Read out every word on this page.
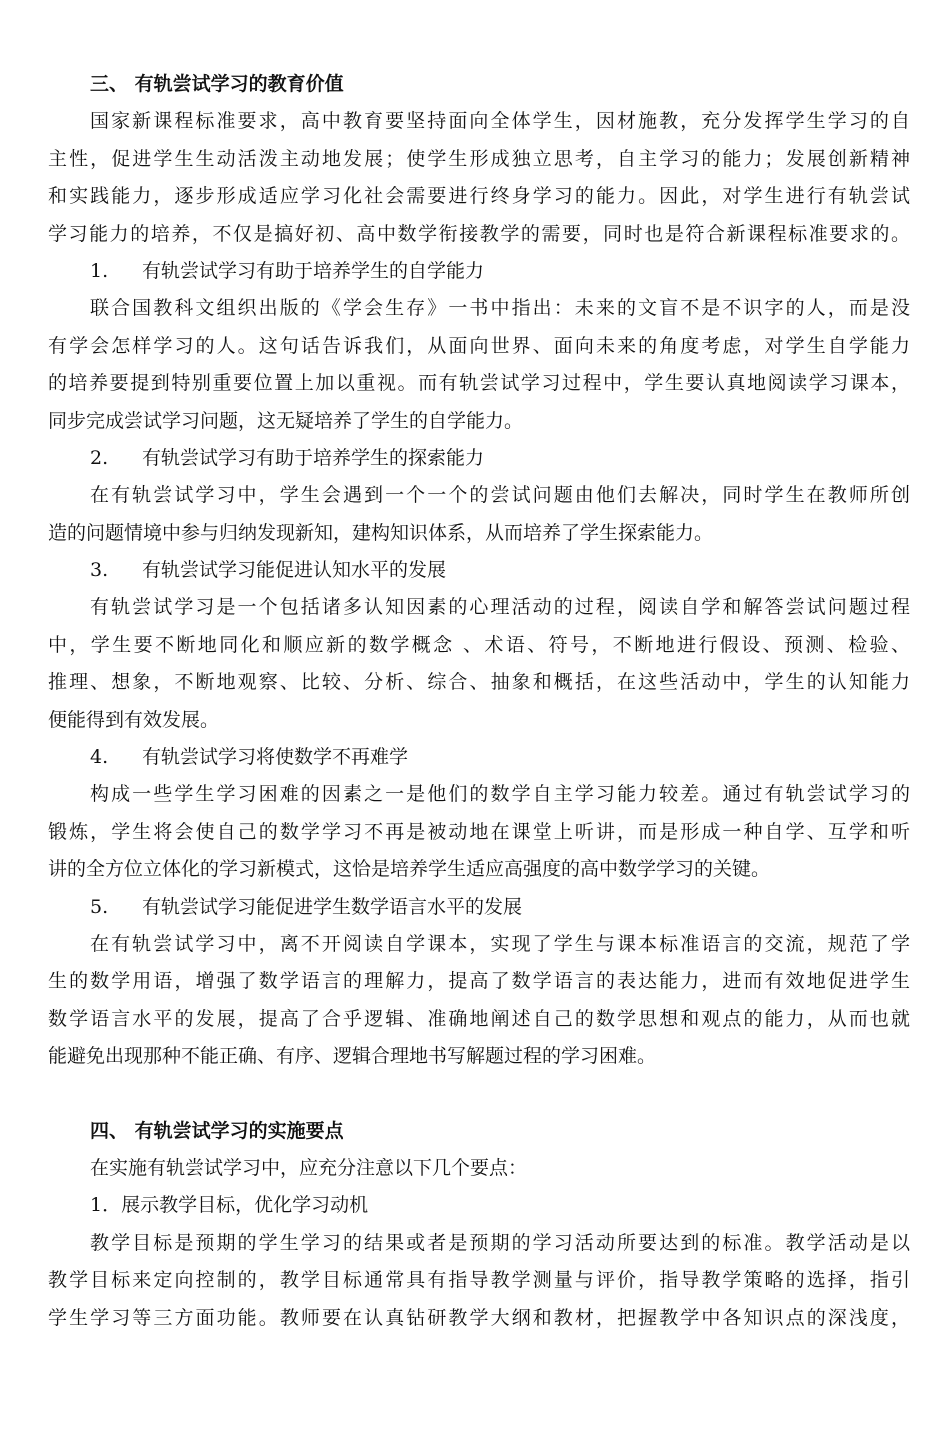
三、 有轨尝试学习的教育价值
国家新课程标准要求，高中教育要坚持面向全体学生，因材施教，充分发挥学生学习的自
主性，促进学生生动活泼主动地发展；使学生形成独立思考，自主学习的能力；发展创新精神
和实践能力，逐步形成适应学习化社会需要进行终身学习的能力。因此，对学生进行有轨尝试
学习能力的培养，不仅是搞好初、高中数学衔接教学的需要，同时也是符合新课程标准要求的。
1. 有轨尝试学习有助于培养学生的自学能力
联合国教科文组织出版的《学会生存》一书中指出：未来的文盲不是不识字的人，而是没
有学会怎样学习的人。这句话告诉我们，从面向世界、面向未来的角度考虑，对学生自学能力
的培养要提到特别重要位置上加以重视。而有轨尝试学习过程中，学生要认真地阅读学习课本，
同步完成尝试学习问题，这无疑培养了学生的自学能力。
2. 有轨尝试学习有助于培养学生的探索能力
在有轨尝试学习中，学生会遇到一个一个的尝试问题由他们去解决，同时学生在教师所创
造的问题情境中参与归纳发现新知，建构知识体系，从而培养了学生探索能力。
3. 有轨尝试学习能促进认知水平的发展
有轨尝试学习是一个包括诸多认知因素的心理活动的过程，阅读自学和解答尝试问题过程
中，学生要不断地同化和顺应新的数学概念 、术语、符号，不断地进行假设、预测、检验、
推理、想象，不断地观察、比较、分析、综合、抽象和概括，在这些活动中，学生的认知能力
便能得到有效发展。
4. 有轨尝试学习将使数学不再难学
构成一些学生学习困难的因素之一是他们的数学自主学习能力较差。通过有轨尝试学习的
锻炼，学生将会使自己的数学学习不再是被动地在课堂上听讲，而是形成一种自学、互学和听
讲的全方位立体化的学习新模式，这恰是培养学生适应高强度的高中数学学习的关键。
5. 有轨尝试学习能促进学生数学语言水平的发展
在有轨尝试学习中，离不开阅读自学课本，实现了学生与课本标准语言的交流，规范了学
生的数学用语，增强了数学语言的理解力，提高了数学语言的表达能力，进而有效地促进学生
数学语言水平的发展，提高了合乎逻辑、准确地阐述自己的数学思想和观点的能力，从而也就
能避免出现那种不能正确、有序、逻辑合理地书写解题过程的学习困难。
四、 有轨尝试学习的实施要点
在实施有轨尝试学习中，应充分注意以下几个要点：
1．展示教学目标，优化学习动机
教学目标是预期的学生学习的结果或者是预期的学习活动所要达到的标准。教学活动是以
教学目标来定向控制的，教学目标通常具有指导教学测量与评价，指导教学策略的选择，指引
学生学习等三方面功能。教师要在认真钻研教学大纲和教材，把握教学中各知识点的深浅度，
